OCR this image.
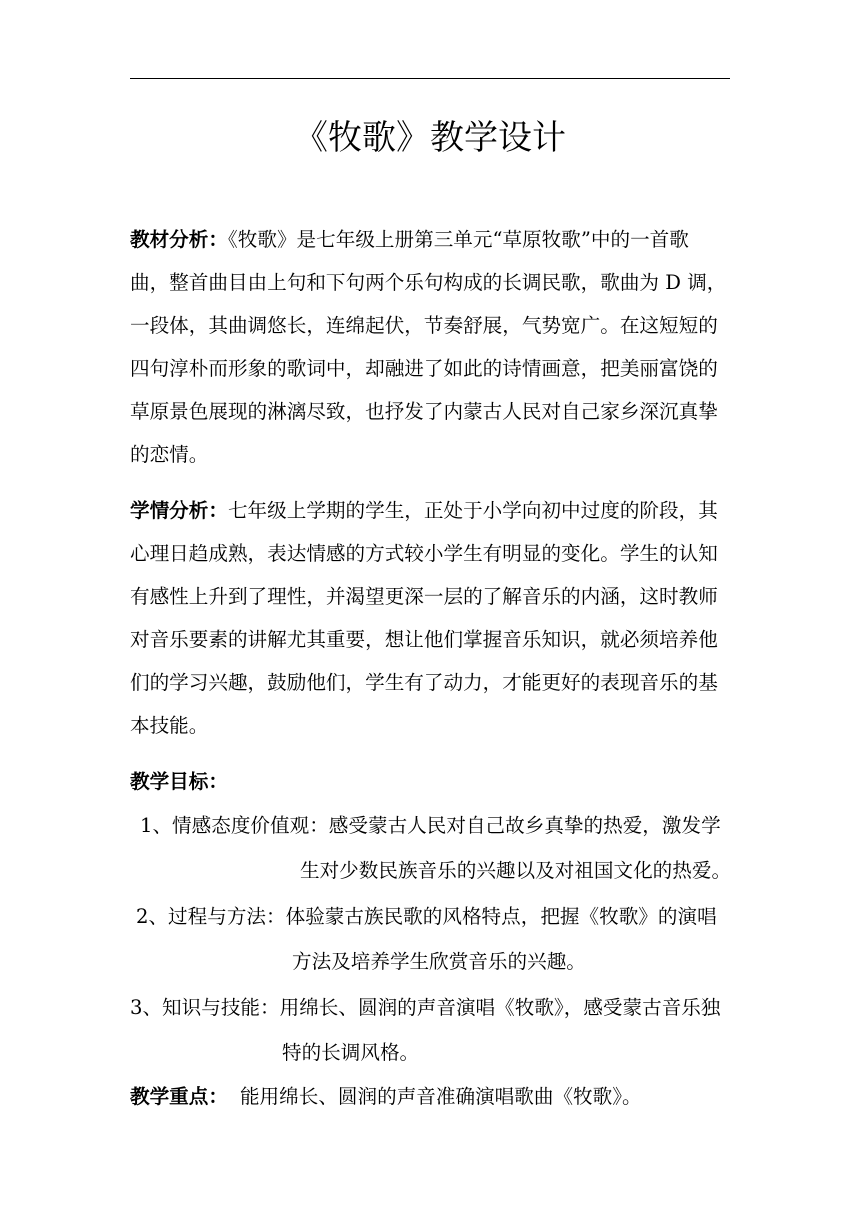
《牧歌》教学设计
教材分析：《牧歌》是七年级上册第三单元“草原牧歌”中的一首歌
曲，整首曲目由上句和下句两个乐句构成的长调民歌，歌曲为 D 调，
一段体，其曲调悠长，连绵起伏，节奏舒展，气势宽广。在这短短的
四句淳朴而形象的歌词中，却融进了如此的诗情画意，把美丽富饶的
草原景色展现的淋漓尽致，也抒发了内蒙古人民对自己家乡深沉真挚
的恋情。
学情分析：七年级上学期的学生，正处于小学向初中过度的阶段，其
心理日趋成熟，表达情感的方式较小学生有明显的变化。学生的认知
有感性上升到了理性，并渴望更深一层的了解音乐的内涵，这时教师
对音乐要素的讲解尤其重要，想让他们掌握音乐知识，就必须培养他
们的学习兴趣，鼓励他们，学生有了动力，才能更好的表现音乐的基
本技能。
教学目标：
1、情感态度价值观：感受蒙古人民对自己故乡真挚的热爱，激发学
生对少数民族音乐的兴趣以及对祖国文化的热爱。
2、过程与方法：体验蒙古族民歌的风格特点，把握《牧歌》的演唱
方法及培养学生欣赏音乐的兴趣。
3、知识与技能：用绵长、圆润的声音演唱《牧歌》，感受蒙古音乐独
特的长调风格。
教学重点： 能用绵长、圆润的声音准确演唱歌曲《牧歌》。
